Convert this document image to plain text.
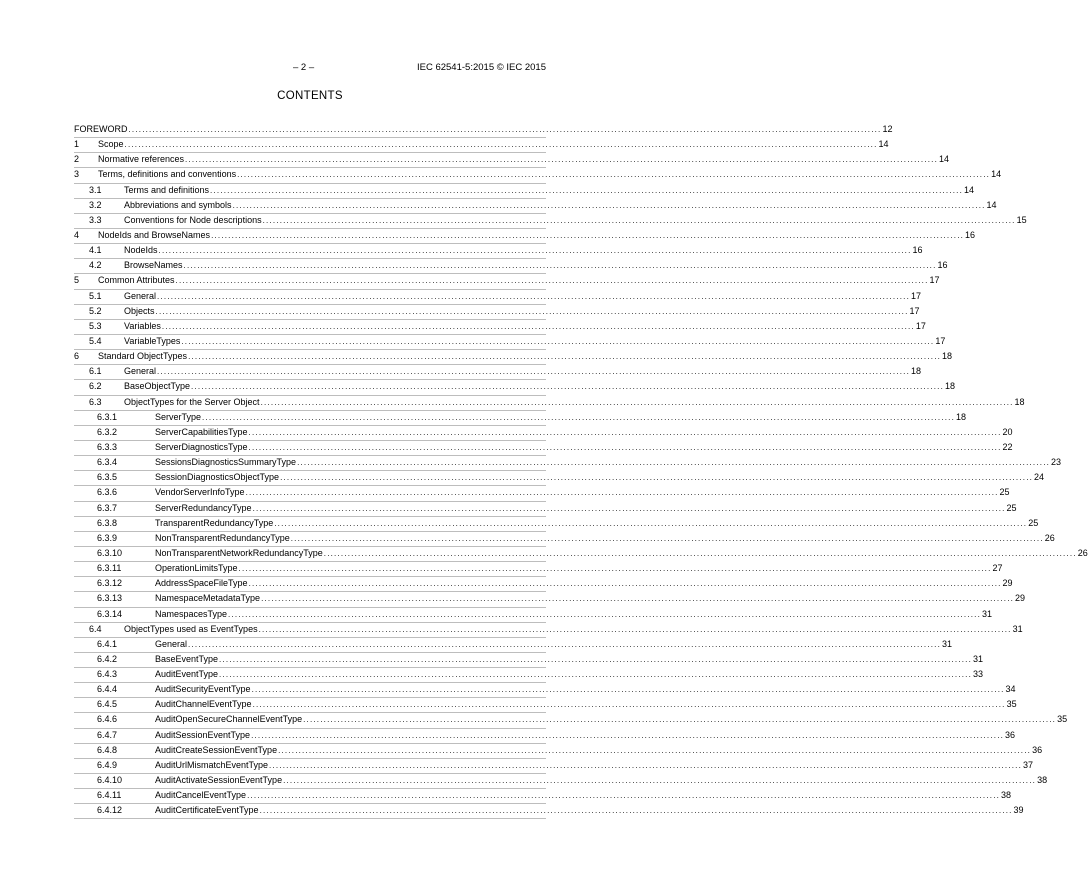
– 2 –	IEC 62541-5:2015 © IEC 2015
CONTENTS
FOREWORD ............................................................................................................................................................................................................................ 12
1 Scope ............................................................................................................................................................................................................................ 14
2 Normative references ............................................................................................................................................................................................................................ 14
3 Terms, definitions and conventions ............................................................................................................................................................................................................................ 14
3.1 Terms and definitions ............................................................................................................................................................................................................................ 14
3.2 Abbreviations and symbols ............................................................................................................................................................................................................................ 14
3.3 Conventions for Node descriptions ............................................................................................................................................................................................................................ 15
4 NodeIds and BrowseNames ............................................................................................................................................................................................................................ 16
4.1 NodeIds ............................................................................................................................................................................................................................ 16
4.2 BrowseNames ............................................................................................................................................................................................................................ 16
5 Common Attributes ............................................................................................................................................................................................................................ 17
5.1 General ............................................................................................................................................................................................................................ 17
5.2 Objects ............................................................................................................................................................................................................................ 17
5.3 Variables ............................................................................................................................................................................................................................ 17
5.4 VariableTypes ............................................................................................................................................................................................................................ 17
6 Standard ObjectTypes ............................................................................................................................................................................................................................ 18
6.1 General ............................................................................................................................................................................................................................ 18
6.2 BaseObjectType ............................................................................................................................................................................................................................ 18
6.3 ObjectTypes for the Server Object ............................................................................................................................................................................................................................ 18
6.3.1	ServerType ............................................................................................................................................................................................................................ 18
6.3.2	ServerCapabilitiesType ............................................................................................................................................................................................................................ 20
6.3.3	ServerDiagnosticsType ............................................................................................................................................................................................................................ 22
6.3.4	SessionsDiagnosticsSummaryType ............................................................................................................................................................................................................................ 23
6.3.5	SessionDiagnosticsObjectType ............................................................................................................................................................................................................................ 24
6.3.6	VendorServerInfoType ............................................................................................................................................................................................................................ 25
6.3.7	ServerRedundancyType ............................................................................................................................................................................................................................ 25
6.3.8	TransparentRedundancyType ............................................................................................................................................................................................................................ 25
6.3.9	NonTransparentRedundancyType ............................................................................................................................................................................................................................ 26
6.3.10	NonTransparentNetworkRedundancyType ............................................................................................................................................................................................................................ 26
6.3.11	OperationLimitsType ............................................................................................................................................................................................................................ 27
6.3.12	AddressSpaceFileType ............................................................................................................................................................................................................................ 29
6.3.13	NamespaceMetadataType ............................................................................................................................................................................................................................ 29
6.3.14	NamespacesType ............................................................................................................................................................................................................................ 31
6.4 ObjectTypes used as EventTypes ............................................................................................................................................................................................................................ 31
6.4.1	General ............................................................................................................................................................................................................................ 31
6.4.2	BaseEventType ............................................................................................................................................................................................................................ 31
6.4.3	AuditEventType ............................................................................................................................................................................................................................ 33
6.4.4	AuditSecurityEventType ............................................................................................................................................................................................................................ 34
6.4.5	AuditChannelEventType ............................................................................................................................................................................................................................ 35
6.4.6	AuditOpenSecureChannelEventType ............................................................................................................................................................................................................................ 35
6.4.7	AuditSessionEventType ............................................................................................................................................................................................................................ 36
6.4.8	AuditCreateSessionEventType ............................................................................................................................................................................................................................ 36
6.4.9	AuditUrlMismatchEventType ............................................................................................................................................................................................................................ 37
6.4.10	AuditActivateSessionEventType ............................................................................................................................................................................................................................ 38
6.4.11	AuditCancelEventType ............................................................................................................................................................................................................................ 38
6.4.12	AuditCertificateEventType ............................................................................................................................................................................................................................ 39
